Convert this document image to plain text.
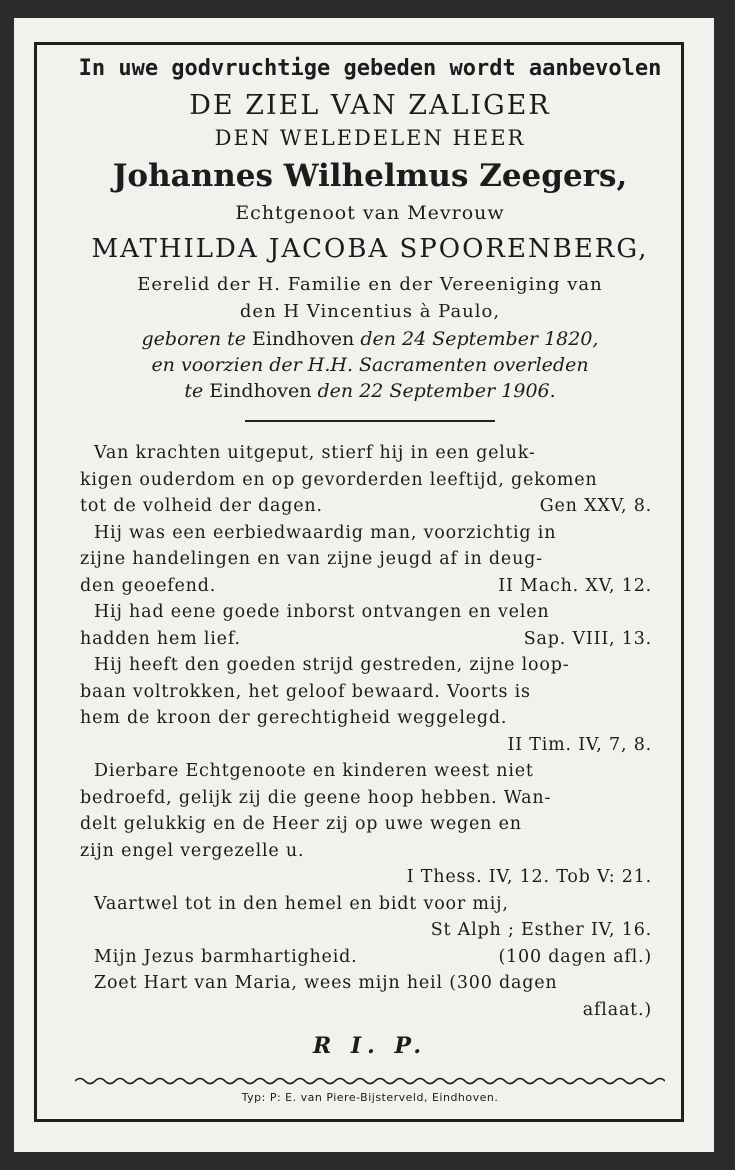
In uwe godvruchtige gebeden wordt aanbevolen
DE ZIEL VAN ZALIGER
DEN WELEDELEN HEER
Johannes Wilhelmus Zeegers,
Echtgenoot van Mevrouw
MATHILDA JACOBA SPOORENBERG,
Eerelid der H. Familie en der Vereeniging van
den H Vincentius à Paulo,
geboren te Eindhoven den 24 September 1820,
en voorzien der H.H. Sacramenten overleden
te Eindhoven den 22 September 1906.
Van krachten uitgeput, stierf hij in een geluk-
kigen ouderdom en op gevorderden leeftijd, gekomen
tot de volheid der dagen.	Gen XXV, 8.
Hij was een eerbiedwaardig man, voorzichtig in
zijne handelingen en van zijne jeugd af in deug-
den geoefend.	II Mach. XV, 12.
Hij had eene goede inborst ontvangen en velen
hadden hem lief.	Sap. VIII, 13.
Hij heeft den goeden strijd gestreden, zijne loop-
baan voltrokken, het geloof bewaard. Voorts is
hem de kroon der gerechtigheid weggelegd.
II Tim. IV, 7, 8.
Dierbare Echtgenoote en kinderen weest niet
bedroefd, gelijk zij die geene hoop hebben. Wan-
delt gelukkig en de Heer zij op uwe wegen en
zijn engel vergezelle u.
I Thess. IV, 12. Tob V: 21.
Vaartwel tot in den hemel en bidt voor mij,
St Alph ; Esther IV, 16.
Mijn Jezus barmhartigheid.	(100 dagen afl.)
Zoet Hart van Maria, wees mijn heil (300 dagen
aflaat.)
R I. P.
Typ: P: E. van Piere-Bijsterveld, Eindhoven.
